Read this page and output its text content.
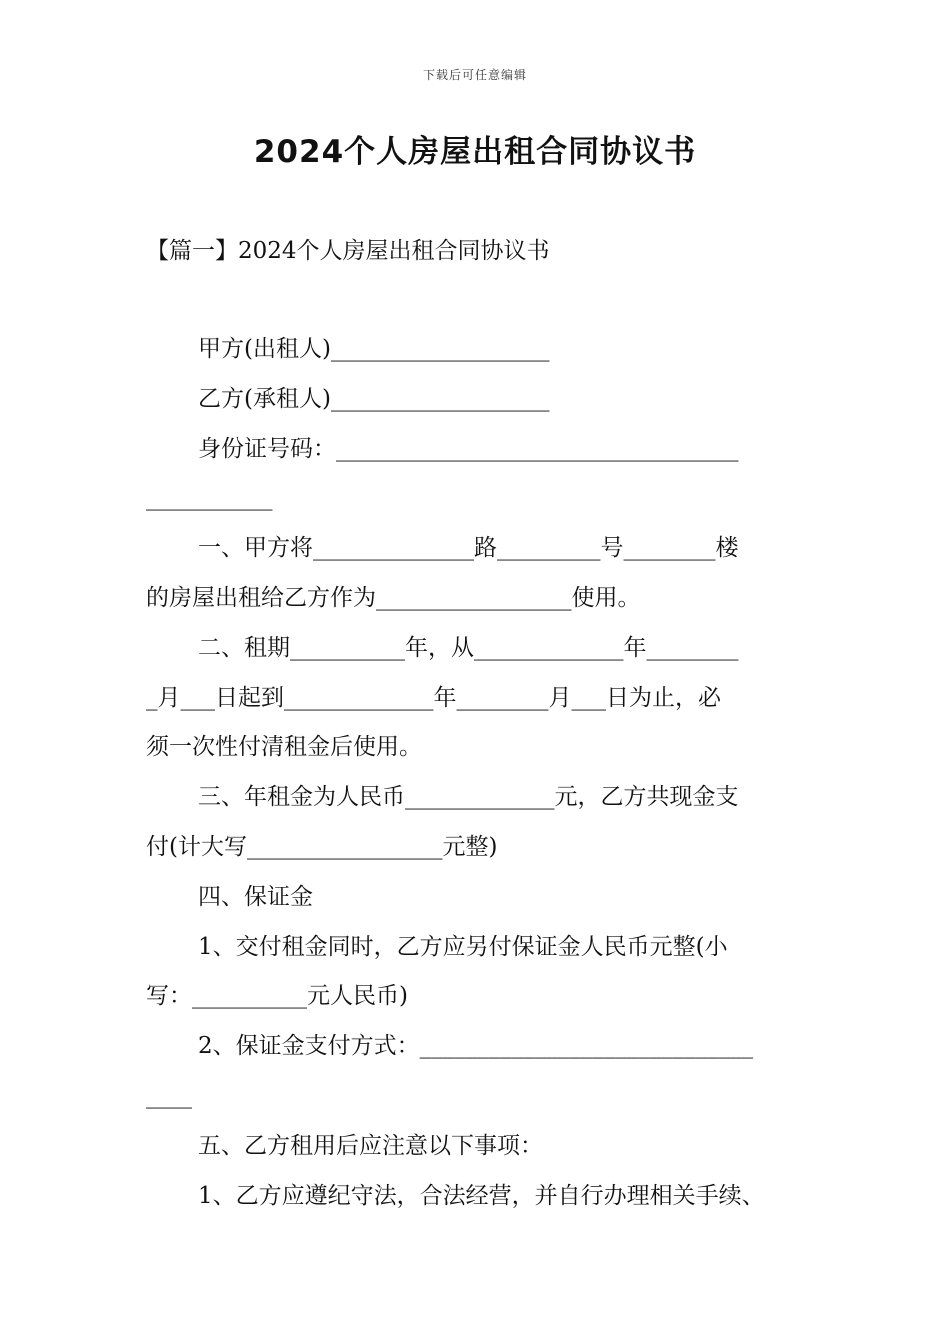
下载后可任意编辑
2024个人房屋出租合同协议书
【篇一】2024个人房屋出租合同协议书
甲方(出租人)___________________
乙方(承租人)___________________
身份证号码：___________________________________
___________
一、甲方将______________路_________号________楼
的房屋出租给乙方作为_________________使用。
二、租期__________年，从_____________年________
_月___日起到_____________年________月___日为止，必
须一次性付清租金后使用。
三、年租金为人民币_____________元，乙方共现金支
付(计大写_________________元整)
四、保证金
1、交付租金同时，乙方应另付保证金人民币元整(小
写：__________元人民币)
2、保证金支付方式：_____________________________
____
五、乙方租用后应注意以下事项：
1、乙方应遵纪守法，合法经营，并自行办理相关手续、
